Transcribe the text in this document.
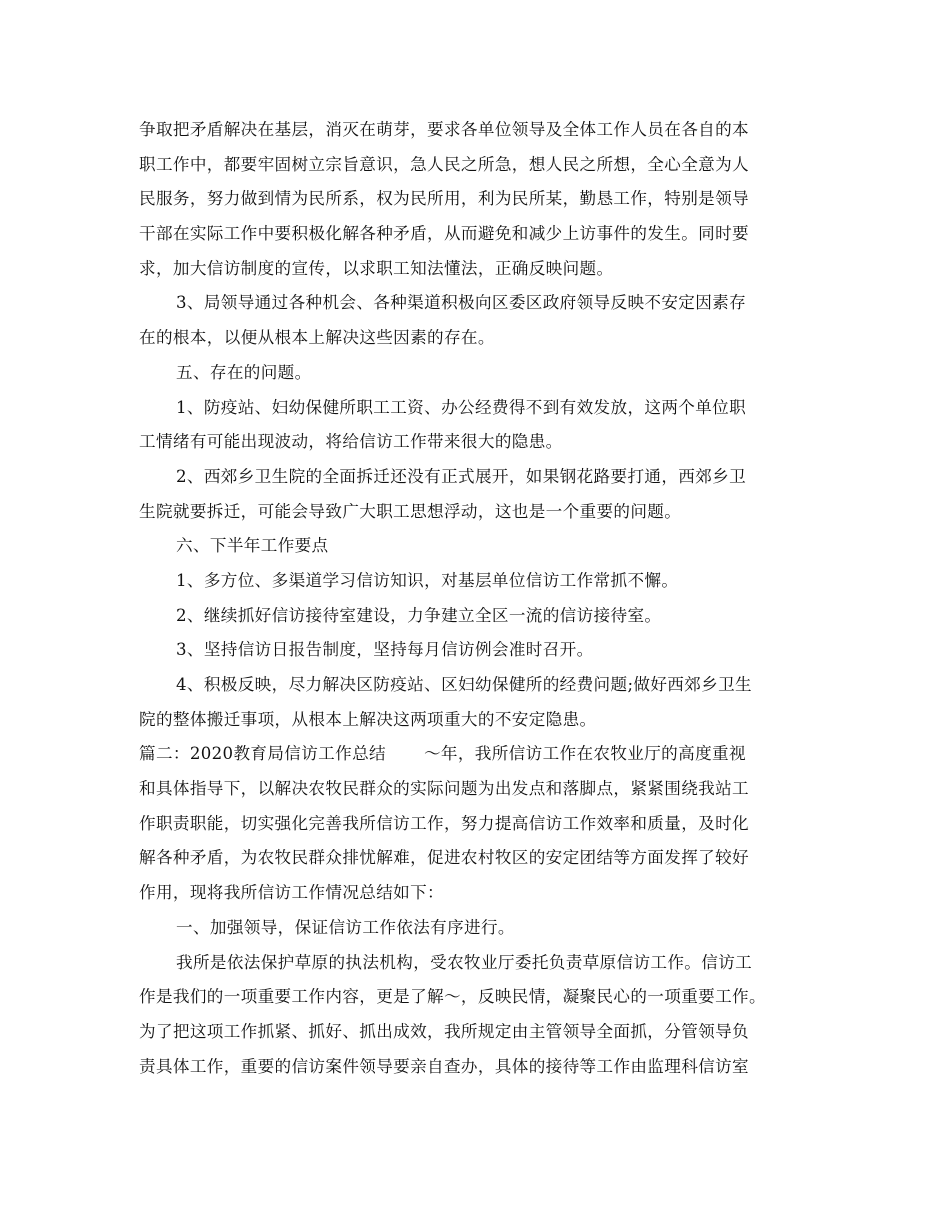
争取把矛盾解决在基层，消灭在萌芽，要求各单位领导及全体工作人员在各自的本
职工作中，都要牢固树立宗旨意识，急人民之所急，想人民之所想，全心全意为人
民服务，努力做到情为民所系，权为民所用，利为民所某，勤恳工作，特别是领导
干部在实际工作中要积极化解各种矛盾，从而避免和减少上访事件的发生。同时要
求，加大信访制度的宣传，以求职工知法懂法，正确反映问题。
3、局领导通过各种机会、各种渠道积极向区委区政府领导反映不安定因素存
在的根本，以便从根本上解决这些因素的存在。
五、存在的问题。
1、防疫站、妇幼保健所职工工资、办公经费得不到有效发放，这两个单位职
工情绪有可能出现波动，将给信访工作带来很大的隐患。
2、西郊乡卫生院的全面拆迁还没有正式展开，如果钢花路要打通，西郊乡卫
生院就要拆迁，可能会导致广大职工思想浮动，这也是一个重要的问题。
六、下半年工作要点
1、多方位、多渠道学习信访知识，对基层单位信访工作常抓不懈。
2、继续抓好信访接待室建设，力争建立全区一流的信访接待室。
3、坚持信访日报告制度，坚持每月信访例会准时召开。
4、积极反映，尽力解决区防疫站、区妇幼保健所的经费问题;做好西郊乡卫生
院的整体搬迁事项，从根本上解决这两项重大的不安定隐患。
篇二：2020教育局信访工作总结 ～年，我所信访工作在农牧业厅的高度重视
和具体指导下，以解决农牧民群众的实际问题为出发点和落脚点，紧紧围绕我站工
作职责职能，切实强化完善我所信访工作，努力提高信访工作效率和质量，及时化
解各种矛盾，为农牧民群众排忧解难，促进农村牧区的安定团结等方面发挥了较好
作用，现将我所信访工作情况总结如下：
一、加强领导，保证信访工作依法有序进行。
我所是依法保护草原的执法机构，受农牧业厅委托负责草原信访工作。信访工
作是我们的一项重要工作内容，更是了解～，反映民情，凝聚民心的一项重要工作。
为了把这项工作抓紧、抓好、抓出成效，我所规定由主管领导全面抓，分管领导负
责具体工作，重要的信访案件领导要亲自查办，具体的接待等工作由监理科信访室
